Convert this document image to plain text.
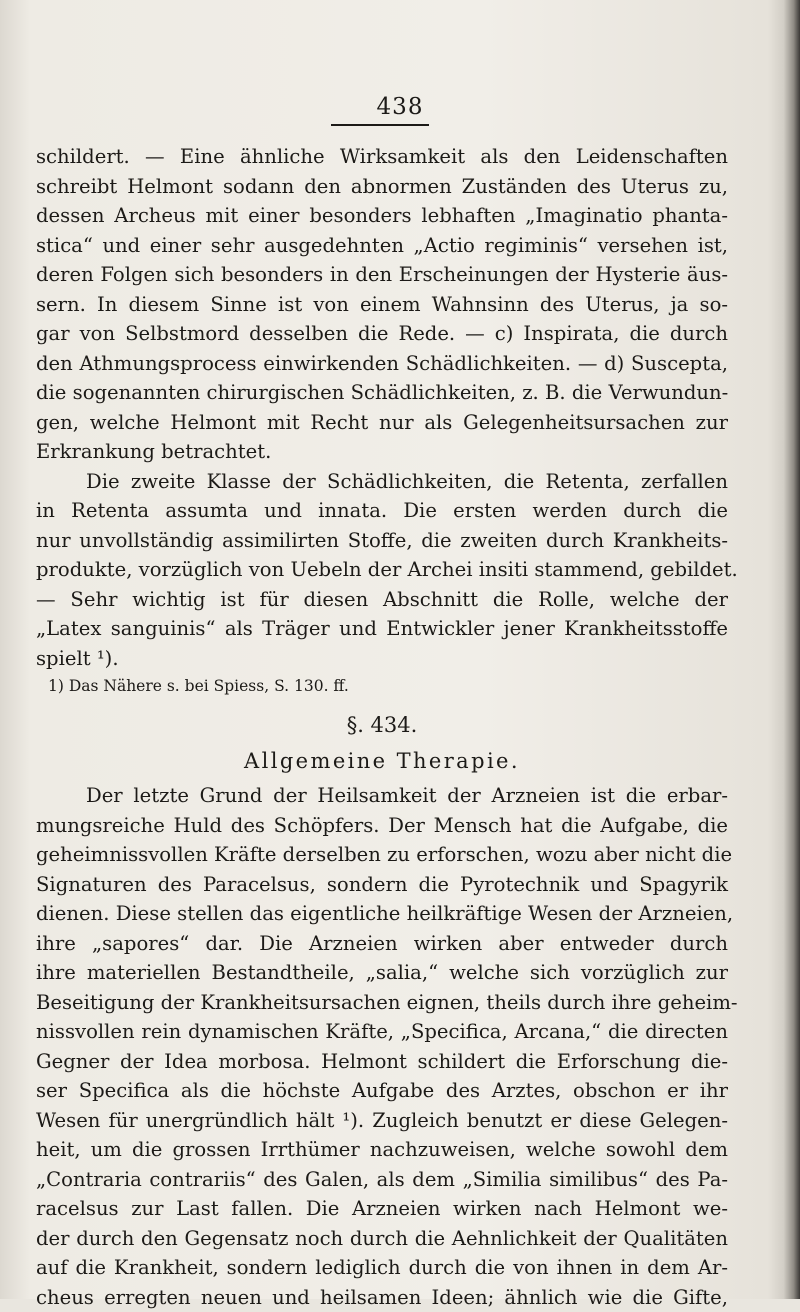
438
schildert. — Eine ähnliche Wirksamkeit als den Leidenschaften
schreibt Helmont sodann den abnormen Zuständen des Uterus zu,
dessen Archeus mit einer besonders lebhaften „Imaginatio phanta-
stica“ und einer sehr ausgedehnten „Actio regiminis“ versehen ist,
deren Folgen sich besonders in den Erscheinungen der Hysterie äus-
sern. In diesem Sinne ist von einem Wahnsinn des Uterus, ja so-
gar von Selbstmord desselben die Rede. — c) Inspirata, die durch
den Athmungsprocess einwirkenden Schädlichkeiten. — d) Suscepta,
die sogenannten chirurgischen Schädlichkeiten, z. B. die Verwundun-
gen, welche Helmont mit Recht nur als Gelegenheitsursachen zur
Erkrankung betrachtet.
Die zweite Klasse der Schädlichkeiten, die Retenta, zerfallen
in Retenta assumta und innata. Die ersten werden durch die
nur unvollständig assimilirten Stoffe, die zweiten durch Krankheits-
produkte, vorzüglich von Uebeln der Archei insiti stammend, gebildet.
— Sehr wichtig ist für diesen Abschnitt die Rolle, welche der
„Latex sanguinis“ als Träger und Entwickler jener Krankheitsstoffe
spielt ¹).
1) Das Nähere s. bei Spiess, S. 130. ff.
§. 434.
Allgemeine Therapie.
Der letzte Grund der Heilsamkeit der Arzneien ist die erbar-
mungsreiche Huld des Schöpfers. Der Mensch hat die Aufgabe, die
geheimnissvollen Kräfte derselben zu erforschen, wozu aber nicht die
Signaturen des Paracelsus, sondern die Pyrotechnik und Spagyrik
dienen. Diese stellen das eigentliche heilkräftige Wesen der Arzneien,
ihre „sapores“ dar. Die Arzneien wirken aber entweder durch
ihre materiellen Bestandtheile, „salia,“ welche sich vorzüglich zur
Beseitigung der Krankheitsursachen eignen, theils durch ihre geheim-
nissvollen rein dynamischen Kräfte, „Specifica, Arcana,“ die directen
Gegner der Idea morbosa. Helmont schildert die Erforschung die-
ser Specifica als die höchste Aufgabe des Arztes, obschon er ihr
Wesen für unergründlich hält ¹). Zugleich benutzt er diese Gelegen-
heit, um die grossen Irrthümer nachzuweisen, welche sowohl dem
„Contraria contrariis“ des Galen, als dem „Similia similibus“ des Pa-
racelsus zur Last fallen. Die Arzneien wirken nach Helmont we-
der durch den Gegensatz noch durch die Aehnlichkeit der Qualitäten
auf die Krankheit, sondern lediglich durch die von ihnen in dem Ar-
cheus erregten neuen und heilsamen Ideen; ähnlich wie die Gifte,
